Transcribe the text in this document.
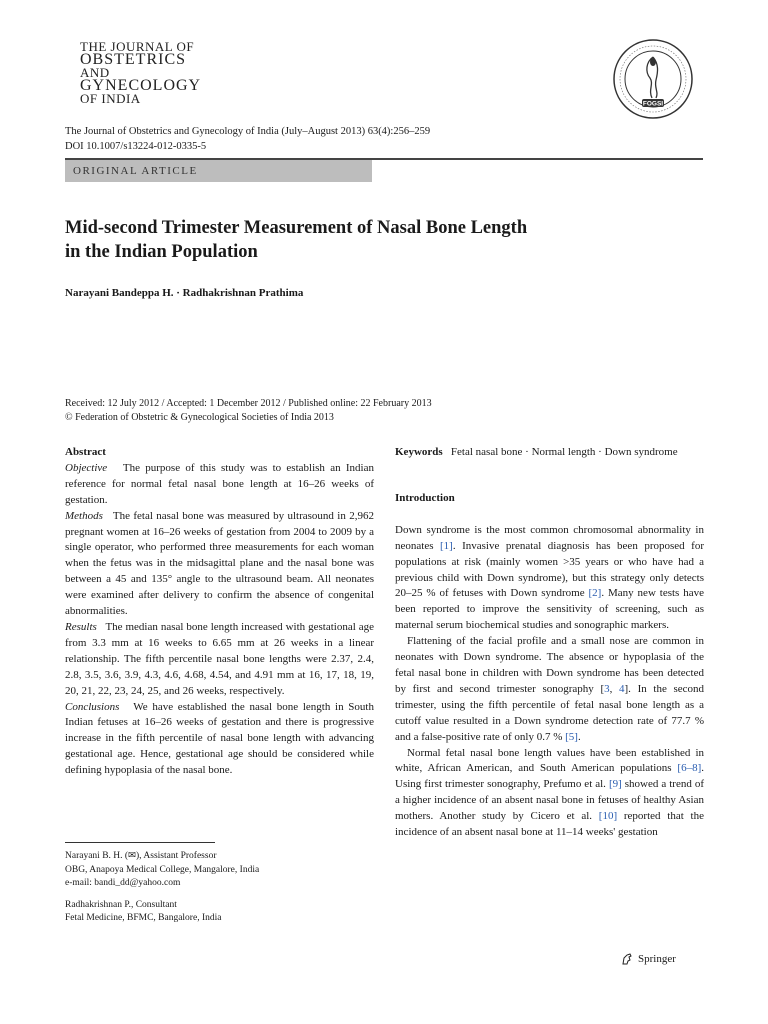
THE JOURNAL OF
OBSTETRICS
AND
GYNECOLOGY
OF INDIA	FOGSI
The Journal of Obstetrics and Gynecology of India (July–August 2013) 63(4):256–259
DOI 10.1007/s13224-012-0335-5
ORIGINAL ARTICLE
Mid-second Trimester Measurement of Nasal Bone Length
in the Indian Population
Narayani Bandeppa H. · Radhakrishnan Prathima
Received: 12 July 2012 / Accepted: 1 December 2012 / Published online: 22 February 2013
© Federation of Obstetric & Gynecological Societies of India 2013

Abstract

Objective The purpose of this study was to establish an Indian reference for normal fetal nasal bone length at 16–26 weeks of gestation.

Methods The fetal nasal bone was measured by ultrasound in 2,962 pregnant women at 16–26 weeks of gestation from 2004 to 2009 by a single operator, who performed three measurements for each woman when the fetus was in the midsagittal plane and the nasal bone was between a 45 and 135° angle to the ultrasound beam. All neonates were examined after delivery to confirm the absence of congenital abnormalities.

Results The median nasal bone length increased with gestational age from 3.3 mm at 16 weeks to 6.65 mm at 26 weeks in a linear relationship. The fifth percentile nasal bone lengths were 2.37, 2.4, 2.8, 3.5, 3.6, 3.9, 4.3, 4.6, 4.68, 4.54, and 4.91 mm at 16, 17, 18, 19, 20, 21, 22, 23, 24, 25, and 26 weeks, respectively.

Conclusions We have established the nasal bone length in South Indian fetuses at 16–26 weeks of gestation and there is progressive increase in the fifth percentile of nasal bone length with advancing gestational age. Hence, gestational age should be considered while defining hypoplasia of the nasal bone.

Narayani B. H. (✉), Assistant Professor

OBG, Anapoya Medical College, Mangalore, India

e-mail: bandi_dd@yahoo.com

Radhakrishnan P., Consultant

Fetal Medicine, BFMC, Bangalore, India

Keywords Fetal nasal bone · Normal length · Down syndrome

Introduction

Down syndrome is the most common chromosomal abnormality in neonates [1]. Invasive prenatal diagnosis has been proposed for populations at risk (mainly women >35 years or who have had a previous child with Down syndrome), but this strategy only detects 20–25 % of fetuses with Down syndrome [2]. Many new tests have been reported to improve the sensitivity of screening, such as maternal serum biochemical studies and sonographic markers.

Flattening of the facial profile and a small nose are common in neonates with Down syndrome. The absence or hypoplasia of the fetal nasal bone in children with Down syndrome has been detected by first and second trimester sonography [3, 4]. In the second trimester, using the fifth percentile of fetal nasal bone length as a cutoff value resulted in a Down syndrome detection rate of 77.7 % and a false-positive rate of only 0.7 % [5].

Normal fetal nasal bone length values have been established in white, African American, and South American populations [6–8]. Using first trimester sonography, Prefumo et al. [9] showed a trend of a higher incidence of an absent nasal bone in fetuses of healthy Asian mothers. Another study by Cicero et al. [10] reported that the incidence of an absent nasal bone at 11–14 weeks' gestation

Springer
